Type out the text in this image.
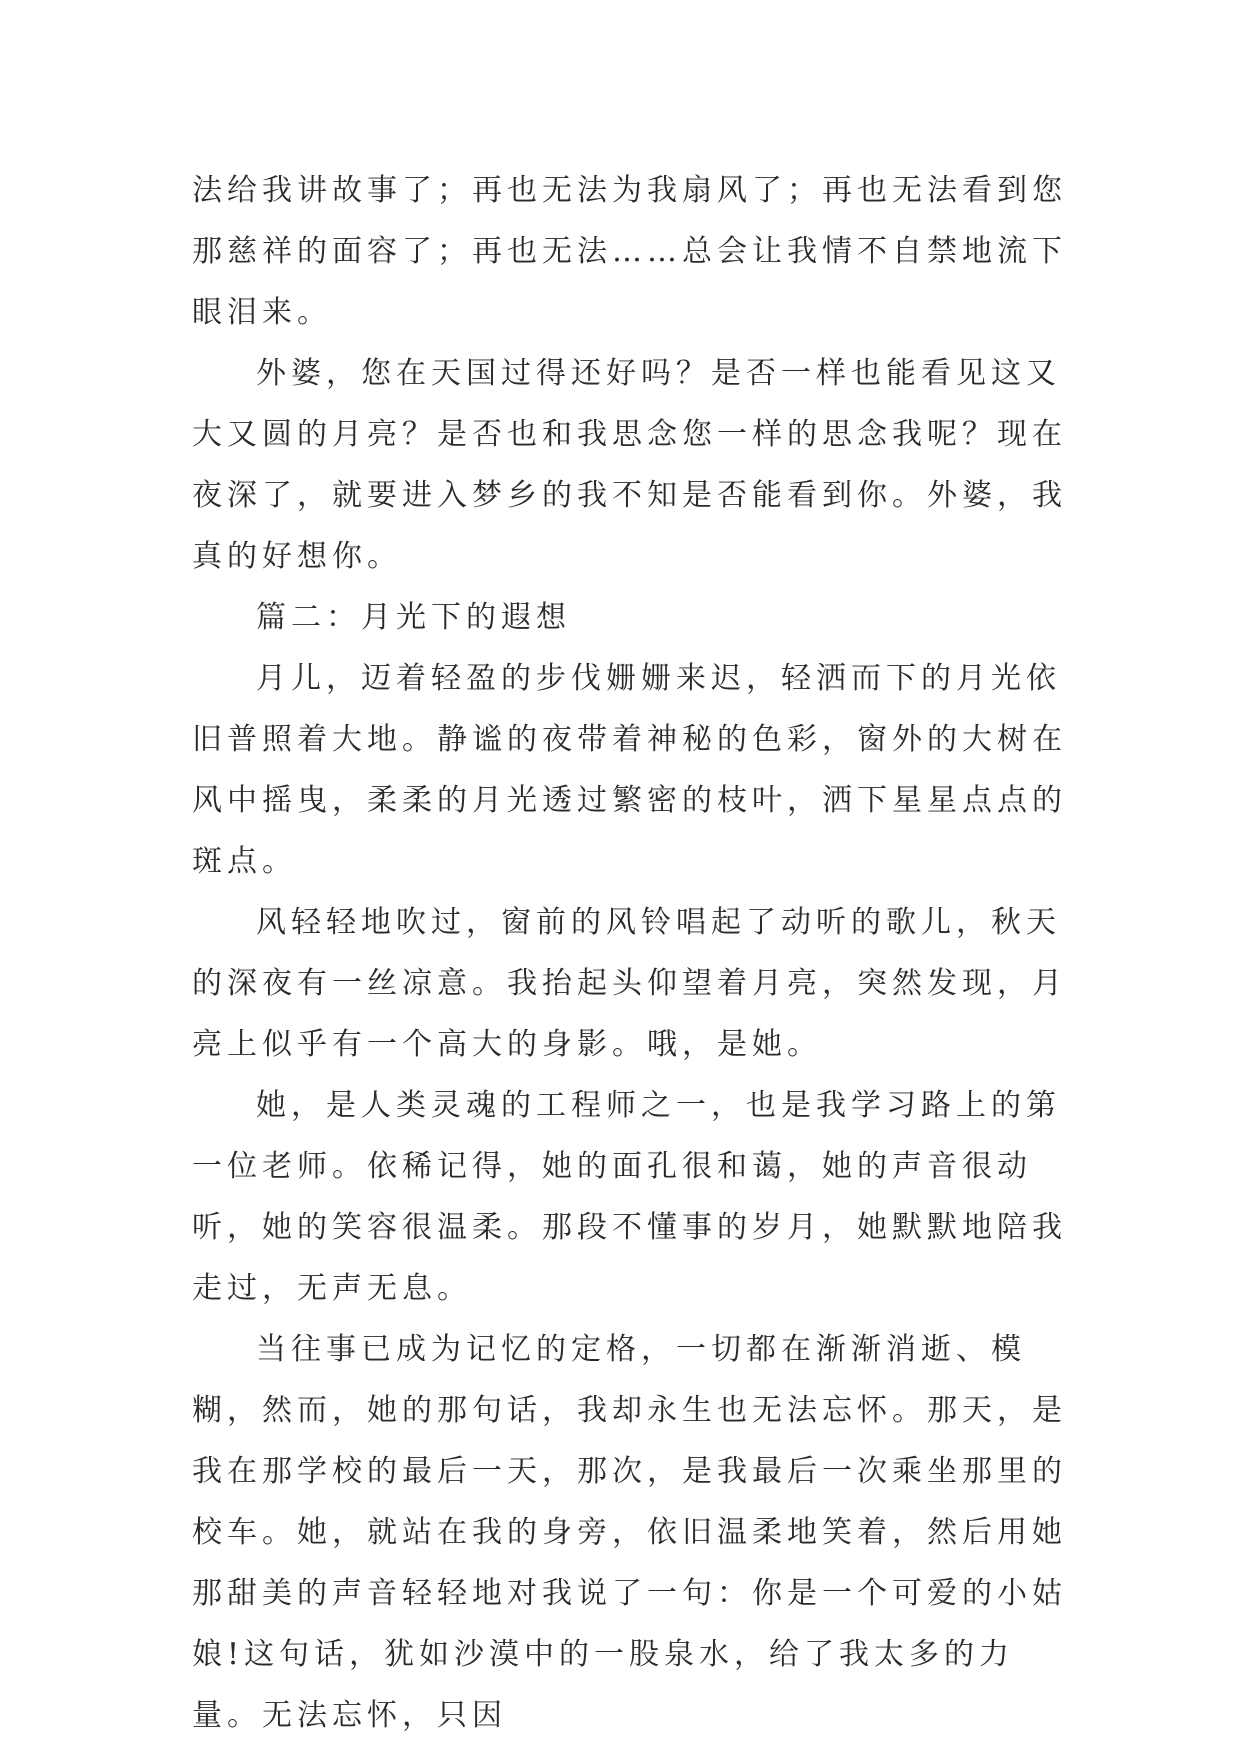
法给我讲故事了；再也无法为我扇风了；再也无法看到您那慈祥的面容了；再也无法……总会让我情不自禁地流下眼泪来。

外婆，您在天国过得还好吗？是否一样也能看见这又大又圆的月亮？是否也和我思念您一样的思念我呢？现在夜深了，就要进入梦乡的我不知是否能看到你。外婆，我真的好想你。

篇二：月光下的遐想

月儿，迈着轻盈的步伐姗姗来迟，轻洒而下的月光依旧普照着大地。静谧的夜带着神秘的色彩，窗外的大树在风中摇曳，柔柔的月光透过繁密的枝叶，洒下星星点点的斑点。

风轻轻地吹过，窗前的风铃唱起了动听的歌儿，秋天的深夜有一丝凉意。我抬起头仰望着月亮，突然发现，月亮上似乎有一个高大的身影。哦，是她。

她，是人类灵魂的工程师之一，也是我学习路上的第一位老师。依稀记得，她的面孔很和蔼，她的声音很动听，她的笑容很温柔。那段不懂事的岁月，她默默地陪我走过，无声无息。

当往事已成为记忆的定格，一切都在渐渐消逝、模糊，然而，她的那句话，我却永生也无法忘怀。那天，是我在那学校的最后一天，那次，是我最后一次乘坐那里的校车。她，就站在我的身旁，依旧温柔地笑着，然后用她那甜美的声音轻轻地对我说了一句：你是一个可爱的小姑娘!这句话，犹如沙漠中的一股泉水，给了我太多的力量。无法忘怀，只因
